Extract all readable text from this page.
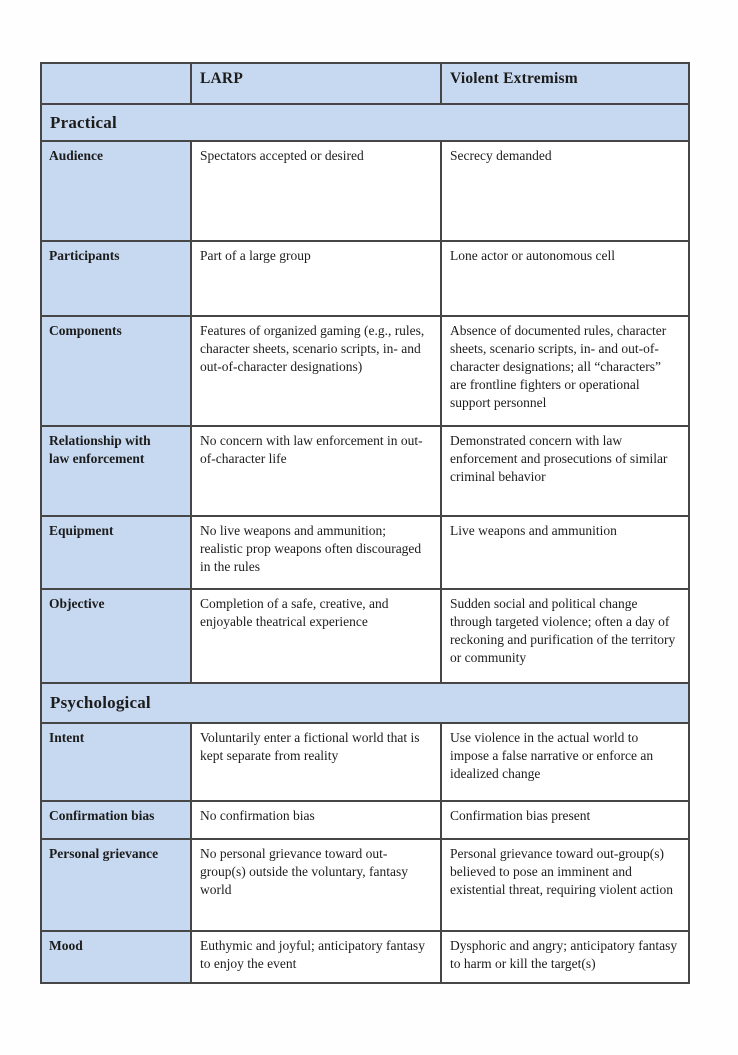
	LARP	Violent Extremism
Practical		
Audience	Spectators accepted or desired	Secrecy demanded
Participants	Part of a large group	Lone actor or autonomous cell
Components	Features of organized gaming (e.g., rules, character sheets, scenario scripts, in- and out-of-character designations)	Absence of documented rules, character sheets, scenario scripts, in- and out-of-character designations; all “characters” are frontline fighters or operational support personnel
Relationship with law enforcement	No concern with law enforcement in out-of-character life	Demonstrated concern with law enforcement and prosecutions of similar criminal behavior
Equipment	No live weapons and ammunition; realistic prop weapons often discouraged in the rules	Live weapons and ammunition
Objective	Completion of a safe, creative, and enjoyable theatrical experience	Sudden social and political change through targeted violence; often a day of reckoning and purification of the territory or community
Psychological		
Intent	Voluntarily enter a fictional world that is kept separate from reality	Use violence in the actual world to impose a false narrative or enforce an idealized change
Confirmation bias	No confirmation bias	Confirmation bias present
Personal grievance	No personal grievance toward out-group(s) outside the voluntary, fantasy world	Personal grievance toward out-group(s) believed to pose an imminent and existential threat, requiring violent action
Mood	Euthymic and joyful; anticipatory fantasy to enjoy the event	Dysphoric and angry; anticipatory fantasy to harm or kill the target(s)
